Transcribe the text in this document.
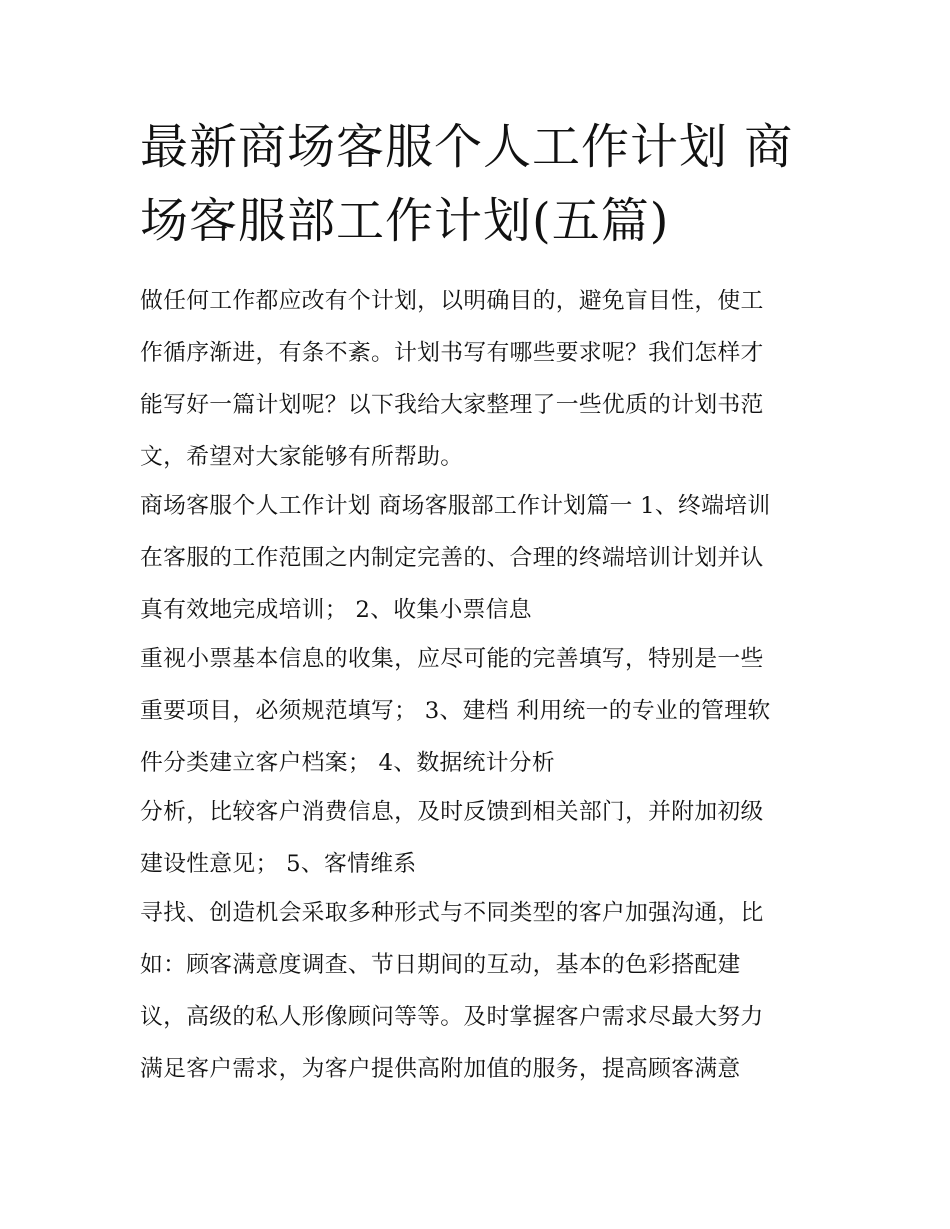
最新商场客服个人工作计划 商
场客服部工作计划(五篇)

做任何工作都应改有个计划，以明确目的，避免盲目性，使工
作循序渐进，有条不紊。计划书写有哪些要求呢？我们怎样才
能写好一篇计划呢？以下我给大家整理了一些优质的计划书范
文，希望对大家能够有所帮助。

商场客服个人工作计划 商场客服部工作计划篇一 1、终端培训
在客服的工作范围之内制定完善的、合理的终端培训计划并认
真有效地完成培训； 2、收集小票信息

重视小票基本信息的收集，应尽可能的完善填写，特别是一些
重要项目，必须规范填写； 3、建档 利用统一的专业的管理软
件分类建立客户档案； 4、数据统计分析

分析，比较客户消费信息，及时反馈到相关部门，并附加初级
建设性意见； 5、客情维系

寻找、创造机会采取多种形式与不同类型的客户加强沟通，比
如：顾客满意度调查、节日期间的互动，基本的色彩搭配建
议，高级的私人形像顾问等等。及时掌握客户需求尽最大努力
满足客户需求，为客户提供高附加值的服务，提高顾客满意
